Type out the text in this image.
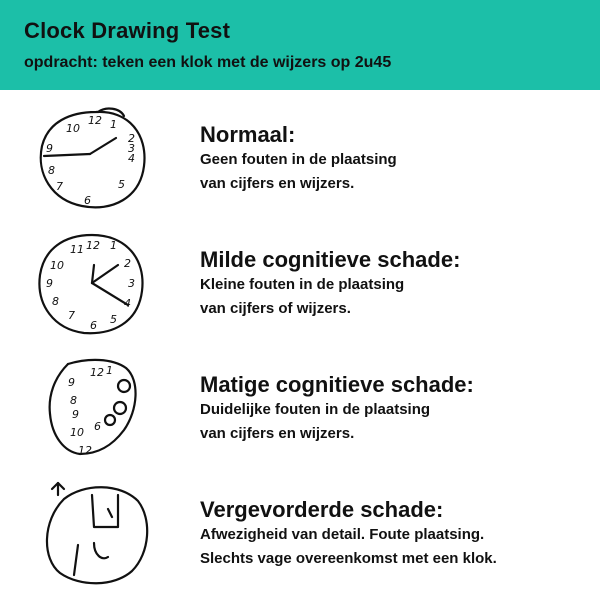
Clock Drawing Test
opdracht: teken een klok met de wijzers op 2u45
12
10	1
2
3
4
9
8
7
6
5

Normaal:

Geen fouten in de plaatsing

van cijfers en wijzers.

12
11 1
2
3
4
5
6
7
8
9
10	Milde cognitieve schade:

Kleine fouten in de plaatsing

van cijfers of wijzers.

12 1
9
8
9
10
12
6

Matige cognitieve schade:

Duidelijke fouten in de plaatsing

van cijfers en wijzers.

Vergevorderde schade:

Afwezigheid van detail. Foute plaatsing.

Slechts vage overeenkomst met een klok.
